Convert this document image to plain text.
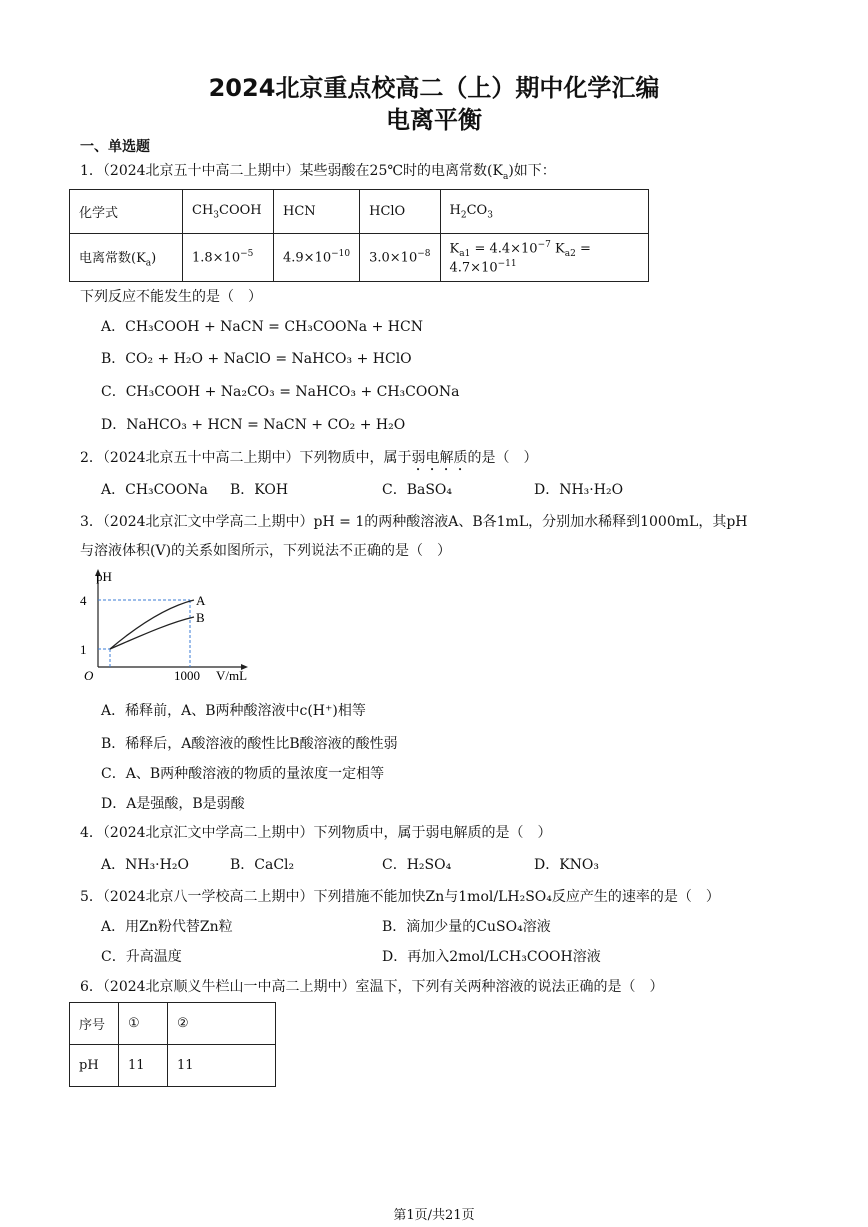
2024北京重点校高二（上）期中化学汇编
电离平衡
一、单选题
1．（2024北京五十中高二上期中）某些弱酸在25℃时的电离常数$(K_a)$如下：
化学式	$CH_3COOH$	HCN	HClO	$H_2CO_3$
电离常数$(K_a)$	$1.8\times 10^{-5}$	$4.9\times 10^{-10}$	$3.0\times 10^{-8}$	$K_{a1} = 4.4\times 10^{-7}$ $K_{a2} = 4.7\times 10^{-11}$
下列反应不能发生的是（　）
A．CH₃COOH + NaCN = CH₃COONa + HCN
B．CO₂ + H₂O + NaClO = NaHCO₃ + HClO
C．CH₃COOH + Na₂CO₃ = NaHCO₃ + CH₃COONa
D．NaHCO₃ + HCN = NaCN + CO₂ + H₂O
2．（2024北京五十中高二上期中）下列物质中，属于弱电解质的是（　）
A．CH₃COONa B．KOH	C．BaSO₄	D．NH₃·H₂O
3．（2024北京汇文中学高二上期中）pH = 1的两种酸溶液A、B各1mL，分别加水稀释到1000mL，其pH
与溶液体积(V)的关系如图所示，下列说法不正确的是（　）
pH
4
1
O	1000 V/mL
A
B
A．稀释前，A、B两种酸溶液中c(H⁺)相等
B．稀释后，A酸溶液的酸性比B酸溶液的酸性弱
C．A、B两种酸溶液的物质的量浓度一定相等
D．A是强酸，B是弱酸
4．（2024北京汇文中学高二上期中）下列物质中，属于弱电解质的是（　）
A．NH₃·H₂O	B．CaCl₂	C．H₂SO₄	D．KNO₃
5．（2024北京八一学校高二上期中）下列措施不能加快Zn与1mol/LH₂SO₄反应产生的速率的是（　）
A．用Zn粉代替Zn粒	B．滴加少量的CuSO₄溶液
C．升高温度	D．再加入2mol/LCH₃COOH溶液
6．（2024北京顺义牛栏山一中高二上期中）室温下，下列有关两种溶液的说法正确的是（　）
序号	①	②
pH	11	11
第1页/共21页
